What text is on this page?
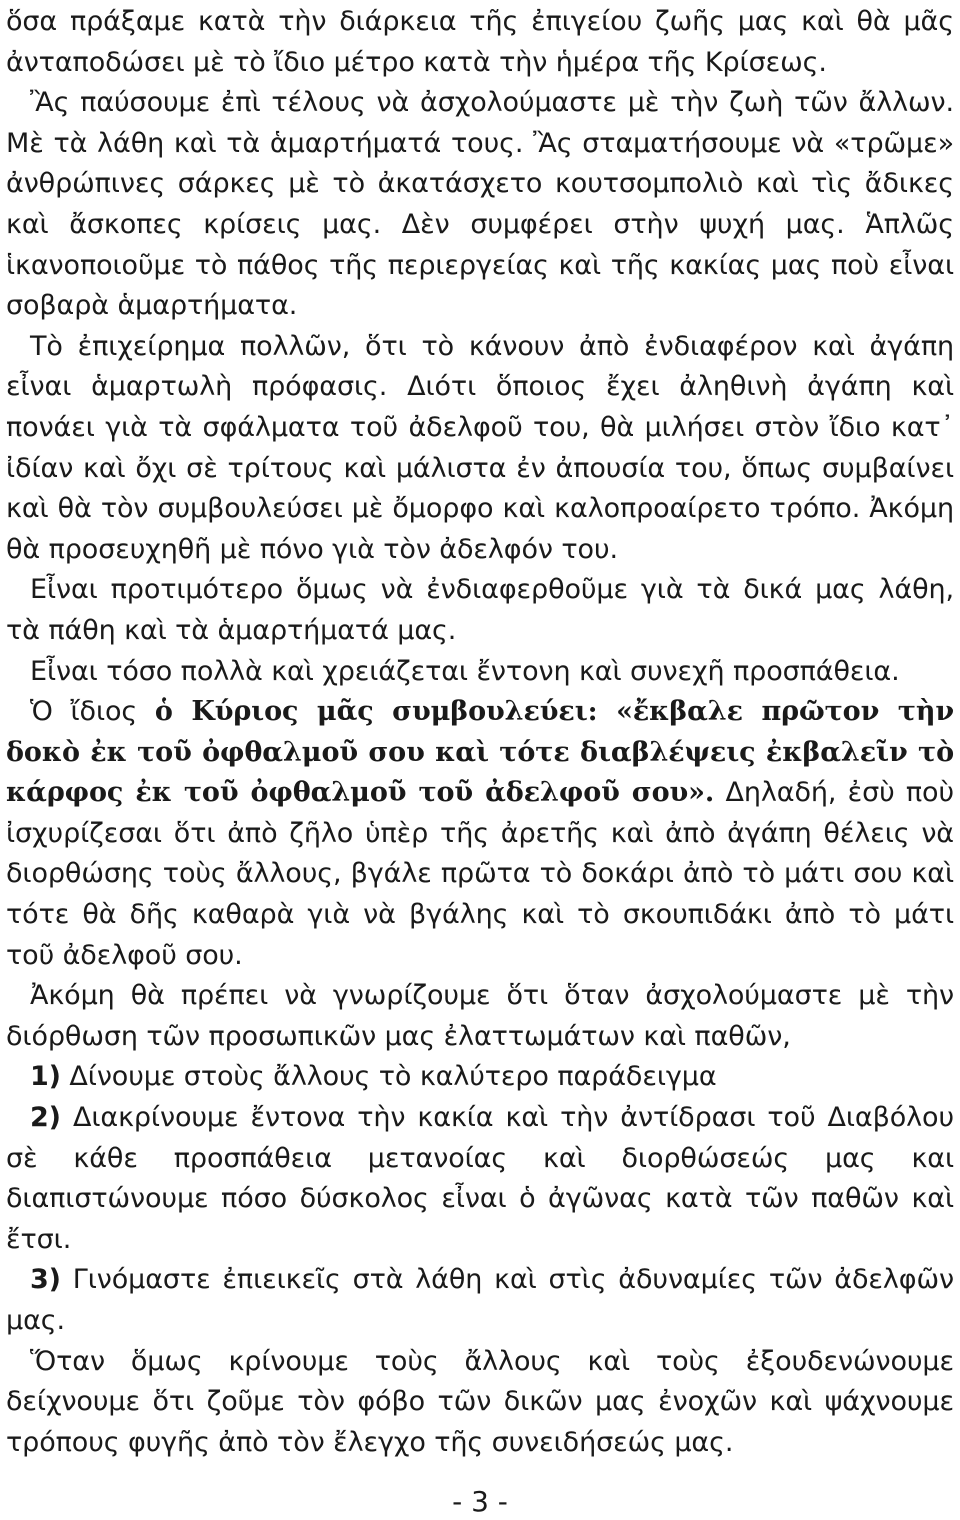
ὅσα πράξαμε κατὰ τὴν διάρκεια τῆς ἐπιγείου ζωῆς μας καὶ θὰ μᾶς ἀνταποδώσει μὲ τὸ ἴδιο μέτρο κατὰ τὴν ἡμέρα τῆς Κρίσεως.

Ἂς παύσουμε ἐπὶ τέλους νὰ ἀσχολούμαστε μὲ τὴν ζωὴ τῶν ἄλλων. Μὲ τὰ λάθη καὶ τὰ ἁμαρτήματά τους. Ἂς σταματήσουμε νὰ «τρῶμε» ἀνθρώπινες σάρκες μὲ τὸ ἀκατάσχετο κουτσομπολιὸ καὶ τὶς ἄδικες καὶ ἄσκοπες κρίσεις μας. Δὲν συμφέρει στὴν ψυχή μας. Ἁπλῶς ἱκανοποιοῦμε τὸ πάθος τῆς περιεργείας καὶ τῆς κακίας μας ποὺ εἶναι σοβαρὰ ἁμαρτήματα.

Τὸ ἐπιχείρημα πολλῶν, ὅτι τὸ κάνουν ἀπὸ ἐνδιαφέρον καὶ ἀγάπη εἶναι ἁμαρτωλὴ πρόφασις. Διότι ὅποιος ἔχει ἀληθινὴ ἀγάπη καὶ πονάει γιὰ τὰ σφάλματα τοῦ ἀδελφοῦ του, θὰ μιλήσει στὸν ἴδιο κατ᾽ ἰδίαν καὶ ὄχι σὲ τρίτους καὶ μάλιστα ἐν ἀπουσία του, ὅπως συμβαίνει καὶ θὰ τὸν συμβουλεύσει μὲ ὄμορφο καὶ καλοπροαίρετο τρόπο. Ἀκόμη θὰ προσευχηθῆ μὲ πόνο γιὰ τὸν ἀδελφόν του.

Εἶναι προτιμότερο ὅμως νὰ ἐνδιαφερθοῦμε γιὰ τὰ δικά μας λάθη, τὰ πάθη καὶ τὰ ἁμαρτήματά μας.

Εἶναι τόσο πολλὰ καὶ χρειάζεται ἔντονη καὶ συνεχῆ προσπάθεια.

Ὁ ἴδιος ὁ Κύριος μᾶς συμβουλεύει: «ἔκβαλε πρῶτον τὴν δοκὸ ἐκ τοῦ ὀφθαλμοῦ σου καὶ τότε διαβλέψεις ἐκβαλεῖν τὸ κάρφος ἐκ τοῦ ὀφθαλμοῦ τοῦ ἀδελφοῦ σου». Δηλαδή, ἐσὺ ποὺ ἰσχυρίζεσαι ὅτι ἀπὸ ζῆλο ὑπὲρ τῆς ἀρετῆς καὶ ἀπὸ ἀγάπη θέλεις νὰ διορθώσης τοὺς ἄλλους, βγάλε πρῶτα τὸ δοκάρι ἀπὸ τὸ μάτι σου καὶ τότε θὰ δῆς καθαρὰ γιὰ νὰ βγάλης καὶ τὸ σκουπιδάκι ἀπὸ τὸ μάτι τοῦ ἀδελφοῦ σου.

Ἀκόμη θὰ πρέπει νὰ γνωρίζουμε ὅτι ὅταν ἀσχολούμαστε μὲ τὴν διόρθωση τῶν προσωπικῶν μας ἐλαττωμάτων καὶ παθῶν,

1) Δίνουμε στοὺς ἄλλους τὸ καλύτερο παράδειγμα

2) Διακρίνουμε ἔντονα τὴν κακία καὶ τὴν ἀντίδρασι τοῦ Διαβόλου σὲ κάθε προσπάθεια μετανοίας καὶ διορθώσεώς μας και διαπιστώνουμε πόσο δύσκολος εἶναι ὁ ἀγῶνας κατὰ τῶν παθῶν καὶ ἔτσι.

3) Γινόμαστε ἐπιεικεῖς στὰ λάθη καὶ στὶς ἀδυναμίες τῶν ἀδελφῶν μας.

Ὅταν ὅμως κρίνουμε τοὺς ἄλλους καὶ τοὺς ἐξουδενώνουμε δείχνουμε ὅτι ζοῦμε τὸν φόβο τῶν δικῶν μας ἐνοχῶν καὶ ψάχνουμε τρόπους φυγῆς ἀπὸ τὸν ἔλεγχο τῆς συνειδήσεώς μας.

- 3 -
